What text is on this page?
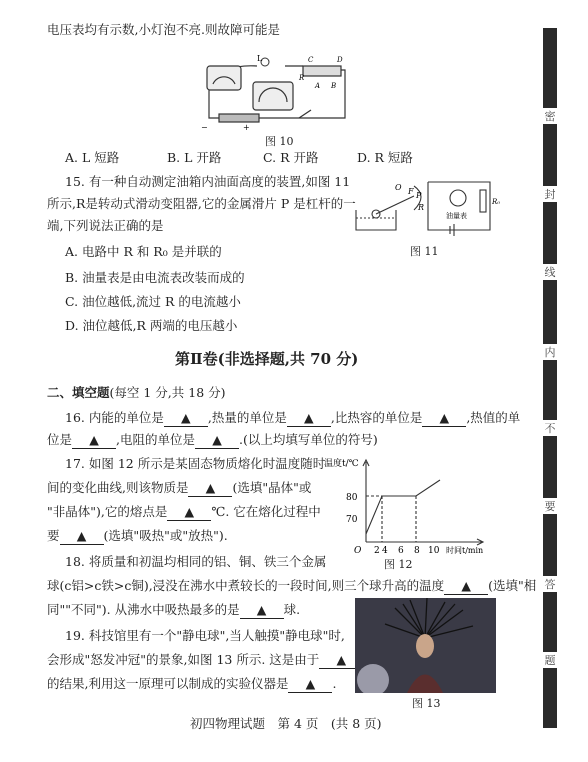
电压表均有示数,小灯泡不亮.则故障可能是
L
R
C	D
A B
−	+
图 10
A. L 短路	B. L 开路	C. R 开路	D. R 短路
15. 有一种自动测定油箱内油面高度的装置,如图 11
所示,R是转动式滑动变阻器,它的金属滑片 P 是杠杆的一
端,下列说法正确的是
A. 电路中 R 和 R₀ 是并联的
B. 油量表是由电流表改装而成的
C. 油位越低,流过 R 的电流越小
D. 油位越低,R 两端的电压越小
O F P
R
油量表
R₀
图 11
第Ⅱ卷(非选择题,共 70 分)
二、填空题(每空 1 分,共 18 分)
16. 内能的单位是 ▲ ,热量的单位是 ▲ ,比热容的单位是 ▲ ,热值的单
位是 ▲ ,电阻的单位是 ▲ .(以上均填写单位的符号)
17. 如图 12 所示是某固态物质熔化时温度随时
间的变化曲线,则该物质是 ▲ (选填"晶体"或
"非晶体"),它的熔点是 ▲ ℃. 它在熔化过程中
要 ▲ (选填"吸热"或"放热").
温度t/℃
80
70
O 2 4 6 8 10 时间t/min
图 12
18. 将质量和初温均相同的铝、铜、铁三个金属
球(c铝>c铁>c铜),浸没在沸水中煮较长的一段时间,则三个球升高的温度 ▲ (选填"相
同""不同"). 从沸水中吸热最多的是 ▲ 球.
19. 科技馆里有一个"静电球",当人触摸"静电球"时,
会形成"怒发冲冠"的景象,如图 13 所示. 这是由于 ▲
的结果,利用这一原理可以制成的实验仪器是 ▲ .
图 13
初四物理试题　第 4 页　(共 8 页)
密
封
线
内
不
要
答
题
